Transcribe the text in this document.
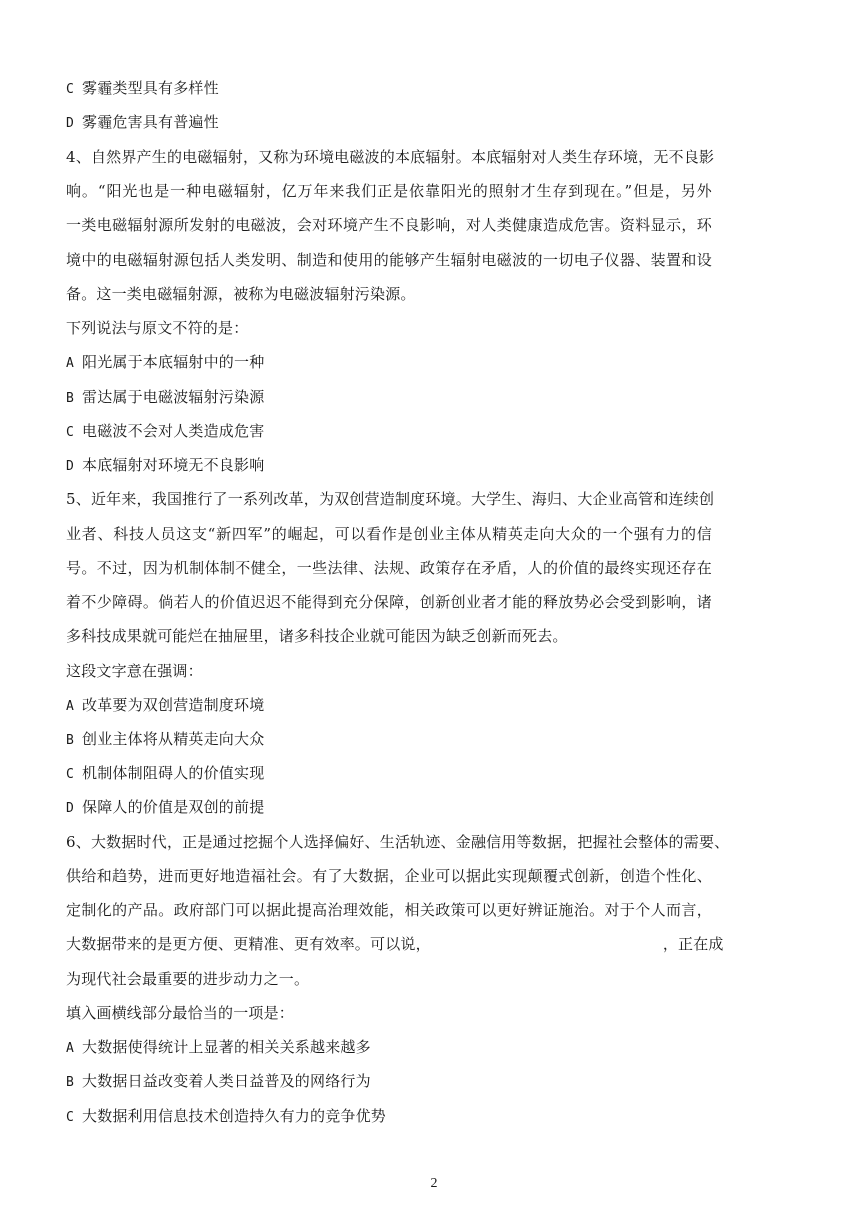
C 雾霾类型具有多样性
D 雾霾危害具有普遍性
4、自然界产生的电磁辐射，又称为环境电磁波的本底辐射。本底辐射对人类生存环境，无不良影
响。“阳光也是一种电磁辐射，亿万年来我们正是依靠阳光的照射才生存到现在。”但是，另外
一类电磁辐射源所发射的电磁波，会对环境产生不良影响，对人类健康造成危害。资料显示，环
境中的电磁辐射源包括人类发明、制造和使用的能够产生辐射电磁波的一切电子仪器、装置和设
备。这一类电磁辐射源，被称为电磁波辐射污染源。
下列说法与原文不符的是：
A 阳光属于本底辐射中的一种
B 雷达属于电磁波辐射污染源
C 电磁波不会对人类造成危害
D 本底辐射对环境无不良影响
5、近年来，我国推行了一系列改革，为双创营造制度环境。大学生、海归、大企业高管和连续创
业者、科技人员这支“新四军”的崛起，可以看作是创业主体从精英走向大众的一个强有力的信
号。不过，因为机制体制不健全，一些法律、法规、政策存在矛盾，人的价值的最终实现还存在
着不少障碍。倘若人的价值迟迟不能得到充分保障，创新创业者才能的释放势必会受到影响，诸
多科技成果就可能烂在抽屉里，诸多科技企业就可能因为缺乏创新而死去。
这段文字意在强调：
A 改革要为双创营造制度环境
B 创业主体将从精英走向大众
C 机制体制阻碍人的价值实现
D 保障人的价值是双创的前提
6、大数据时代，正是通过挖掘个人选择偏好、生活轨迹、金融信用等数据，把握社会整体的需要、
供给和趋势，进而更好地造福社会。有了大数据，企业可以据此实现颠覆式创新，创造个性化、
定制化的产品。政府部门可以据此提高治理效能，相关政策可以更好辨证施治。对于个人而言，
大数据带来的是更方便、更精准、更有效率。可以说，	，正在成
为现代社会最重要的进步动力之一。
填入画横线部分最恰当的一项是：
A 大数据使得统计上显著的相关关系越来越多
B 大数据日益改变着人类日益普及的网络行为
C 大数据利用信息技术创造持久有力的竞争优势
2
